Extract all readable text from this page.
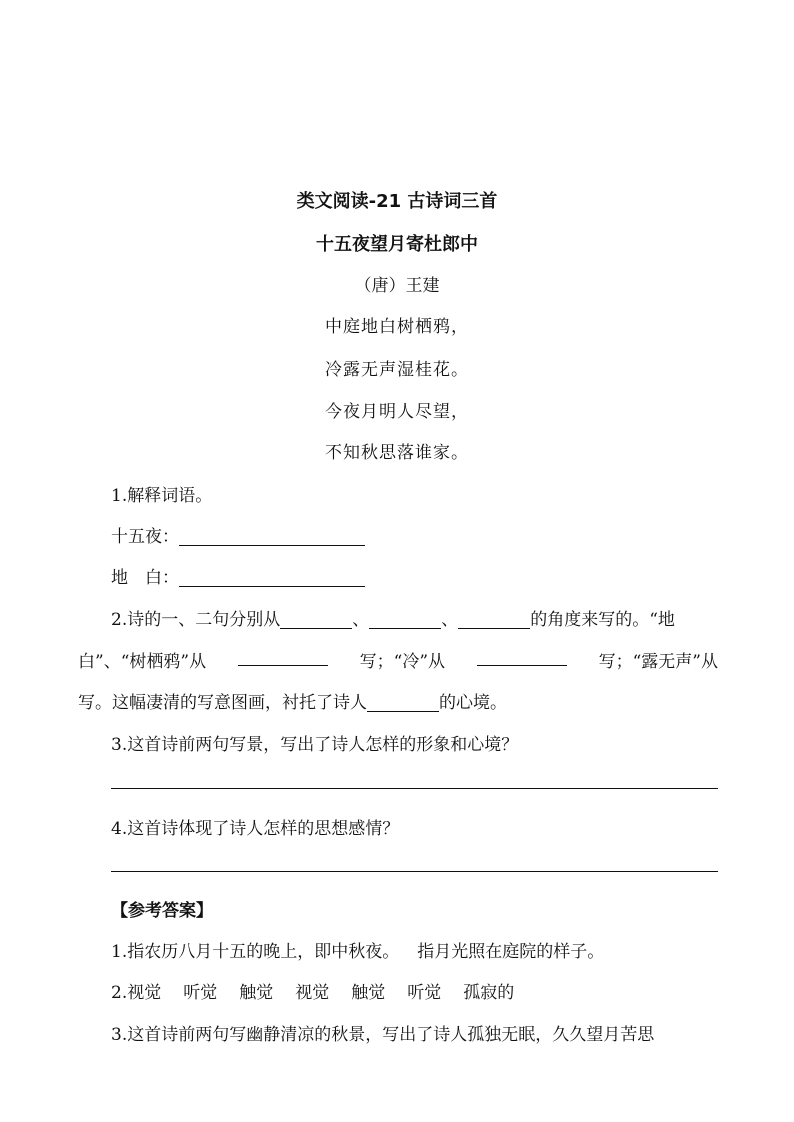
类文阅读-21 古诗词三首
十五夜望月寄杜郎中
（唐）王建
中庭地白树栖鸦，
冷露无声湿桂花。
今夜月明人尽望，
不知秋思落谁家。
1.解释词语。
十五夜：
地 白：
2.诗的一、二句分别从	、	、	的角度来写的。“地
白”、“树栖鸦”从	写；“冷”从	写；“露无声”从
写。这幅凄清的写意图画，衬托了诗人	的心境。
3.这首诗前两句写景，写出了诗人怎样的形象和心境？
4.这首诗体现了诗人怎样的思想感情？
【参考答案】
1.指农历八月十五的晚上，即中秋夜。 指月光照在庭院的样子。
2.视觉 听觉 触觉 视觉 触觉 听觉 孤寂的
3.这首诗前两句写幽静清凉的秋景，写出了诗人孤独无眠，久久望月苦思
